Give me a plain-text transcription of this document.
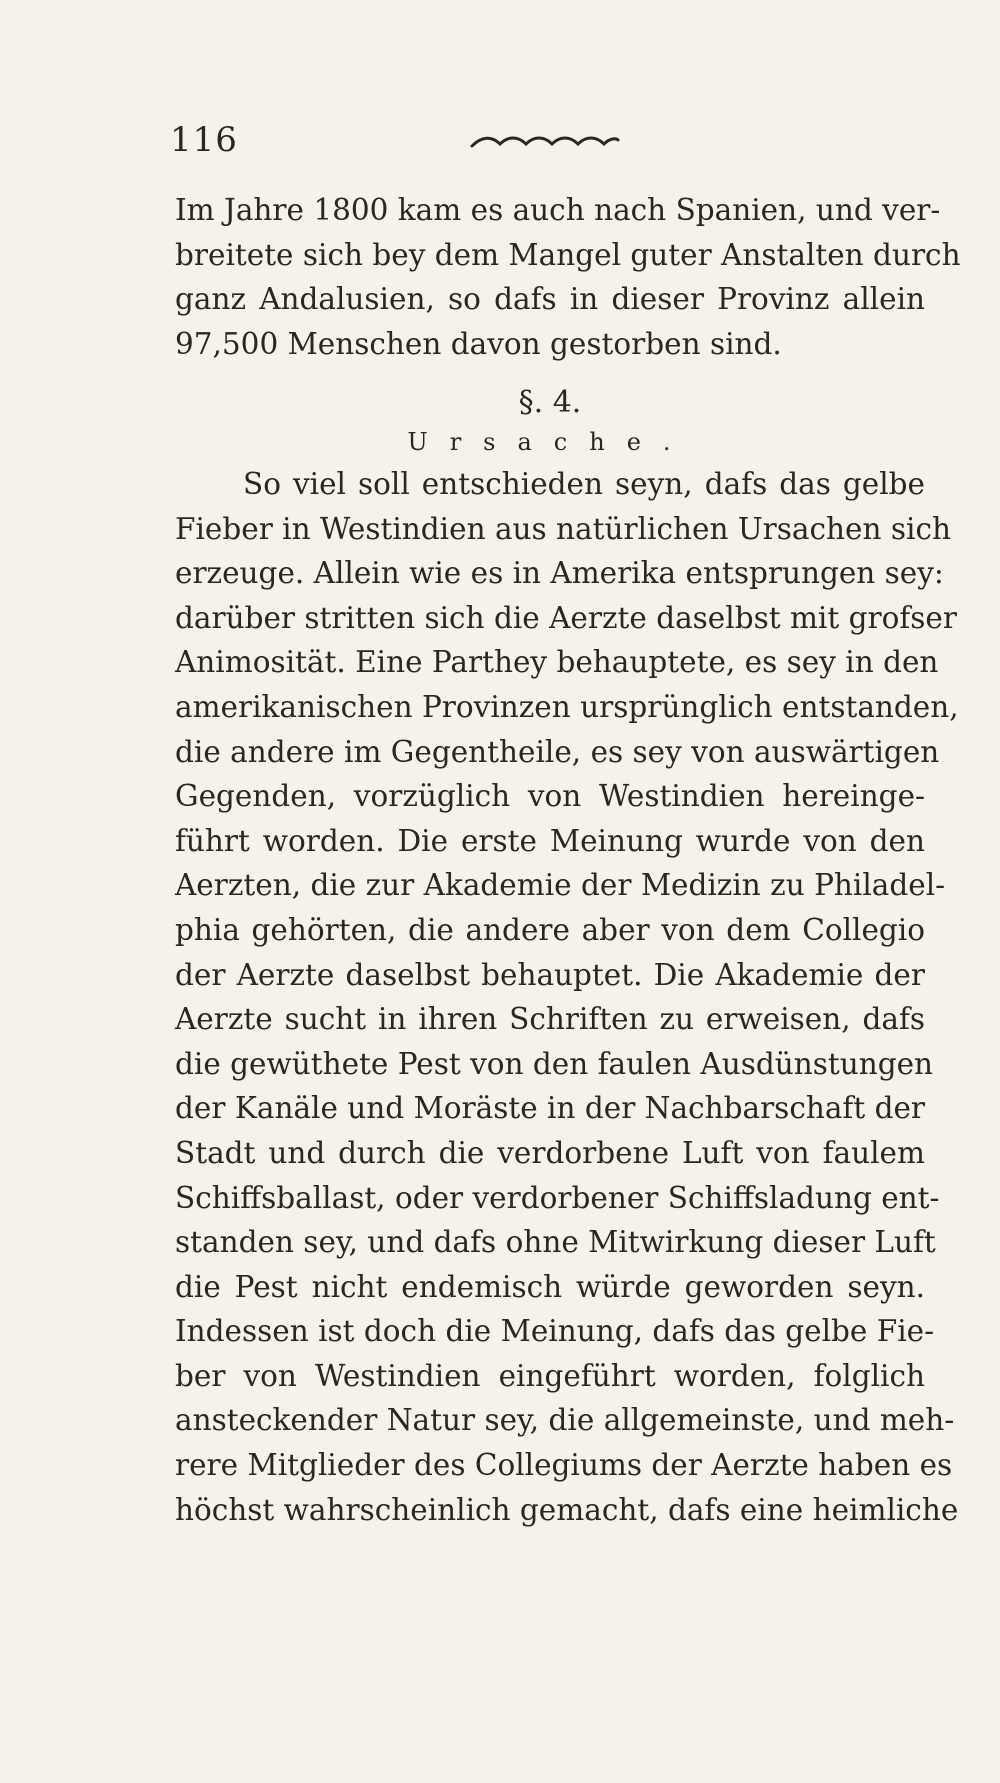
116
Im Jahre 1800 kam es auch nach Spanien, und ver-
breitete sich bey dem Mangel guter Anstalten durch
ganz Andalusien, so dafs in dieser Provinz allein
97,500 Menschen davon gestorben sind.
§. 4.
Ursache.
So viel soll entschieden seyn, dafs das gelbe
Fieber in Westindien aus natürlichen Ursachen sich
erzeuge. Allein wie es in Amerika entsprungen sey:
darüber stritten sich die Aerzte daselbst mit grofser
Animosität. Eine Parthey behauptete, es sey in den
amerikanischen Provinzen ursprünglich entstanden,
die andere im Gegentheile, es sey von auswärtigen
Gegenden, vorzüglich von Westindien hereinge-
führt worden. Die erste Meinung wurde von den
Aerzten, die zur Akademie der Medizin zu Philadel-
phia gehörten, die andere aber von dem Collegio
der Aerzte daselbst behauptet. Die Akademie der
Aerzte sucht in ihren Schriften zu erweisen, dafs
die gewüthete Pest von den faulen Ausdünstungen
der Kanäle und Moräste in der Nachbarschaft der
Stadt und durch die verdorbene Luft von faulem
Schiffsballast, oder verdorbener Schiffsladung ent-
standen sey, und dafs ohne Mitwirkung dieser Luft
die Pest nicht endemisch würde geworden seyn.
Indessen ist doch die Meinung, dafs das gelbe Fie-
ber von Westindien eingeführt worden, folglich
ansteckender Natur sey, die allgemeinste, und meh-
rere Mitglieder des Collegiums der Aerzte haben es
höchst wahrscheinlich gemacht, dafs eine heimliche
